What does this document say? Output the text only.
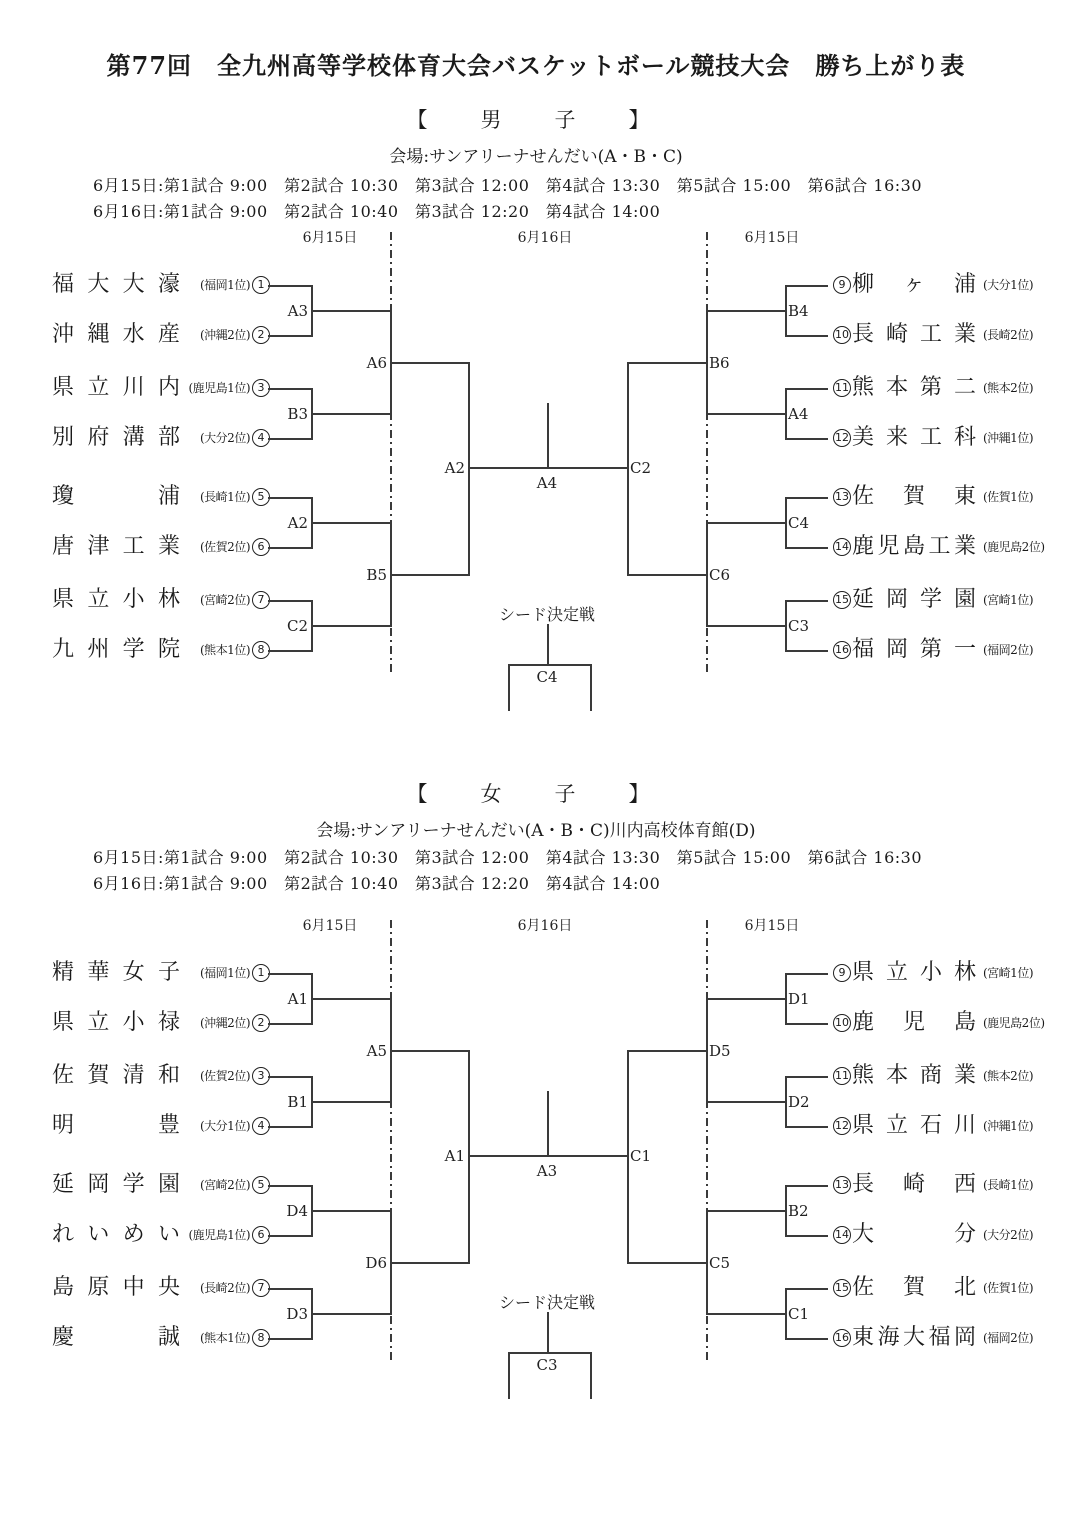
第77回　全九州高等学校体育大会バスケットボール競技大会　勝ち上がり表
【　男　子　】
会場:サンアリーナせんだい(A・B・C)
6月15日:第1試合 9:00　第2試合 10:30　第3試合 12:00　第4試合 13:30　第5試合 15:00　第6試合 16:30
6月16日:第1試合 9:00　第2試合 10:40　第3試合 12:20　第4試合 14:00
6月15日	6月16日	6月15日
福大大濠	(福岡1位) 1
沖縄水産	(沖縄2位) 2
県立川内 (鹿児島1位) 3
別府溝部	(大分2位) 4
瓊浦	(長崎1位) 5
唐津工業	(佐賀2位) 6
県立小林	(宮崎2位) 7
九州学院	(熊本1位) 8
9 柳ヶ浦 (大分1位)
10 長崎工業 (長崎2位)
11 熊本第二 (熊本2位)
12 美来工科 (沖縄1位)
13 佐賀東 (佐賀1位)
14 鹿児島工業 (鹿児島2位)
15 延岡学園 (宮崎1位)
16 福岡第一 (福岡2位)
A3
B3
A2
C2
A6
B5
A2
B4
A4
C4
C3
B6
C6
C2
A4
シード決定戦
C4
【　女　子　】
会場:サンアリーナせんだい(A・B・C)川内高校体育館(D)
6月15日:第1試合 9:00　第2試合 10:30　第3試合 12:00　第4試合 13:30　第5試合 15:00　第6試合 16:30
6月16日:第1試合 9:00　第2試合 10:40　第3試合 12:20　第4試合 14:00
6月15日	6月16日	6月15日
精華女子	(福岡1位) 1
県立小禄	(沖縄2位) 2
佐賀清和	(佐賀2位) 3
明豊	(大分1位) 4
延岡学園	(宮崎2位) 5
れいめい (鹿児島1位) 6
島原中央	(長崎2位) 7
慶誠	(熊本1位) 8
9 県立小林 (宮崎1位)
10 鹿児島 (鹿児島2位)
11 熊本商業 (熊本2位)
12 県立石川 (沖縄1位)
13 長崎西 (長崎1位)
14 大分 (大分2位)
15 佐賀北 (佐賀1位)
16 東海大福岡 (福岡2位)
A1
B1
D4
D3
A5
D6
A1
D1
D2
B2
C1
D5
C5
C1
A3
シード決定戦
C3
